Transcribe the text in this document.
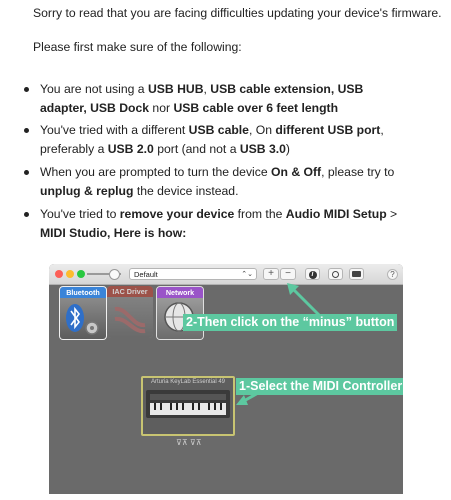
Sorry to read that you are facing difficulties updating your device's firmware.

Please first make sure of the following:

You are not using a USB HUB, USB cable extension, USB adapter, USB Dock nor USB cable over 6 feet length
You've tried with a different USB cable, On different USB port, preferably a USB 2.0 port (and not a USB 3.0)
When you are prompted to turn the device On & Off, please try to unplug & replug the device instead.
You've tried to remove your device from the Audio MIDI Setup > MIDI Studio, Here is how:
Default	⌃⌄	+	−	i	?
Bluetooth	IAC Driver	Network
Arturia KeyLab Essential 49
⊽⊼ ⊽⊼
2-Then click on the “minus” button
1-Select the MIDI Controller
